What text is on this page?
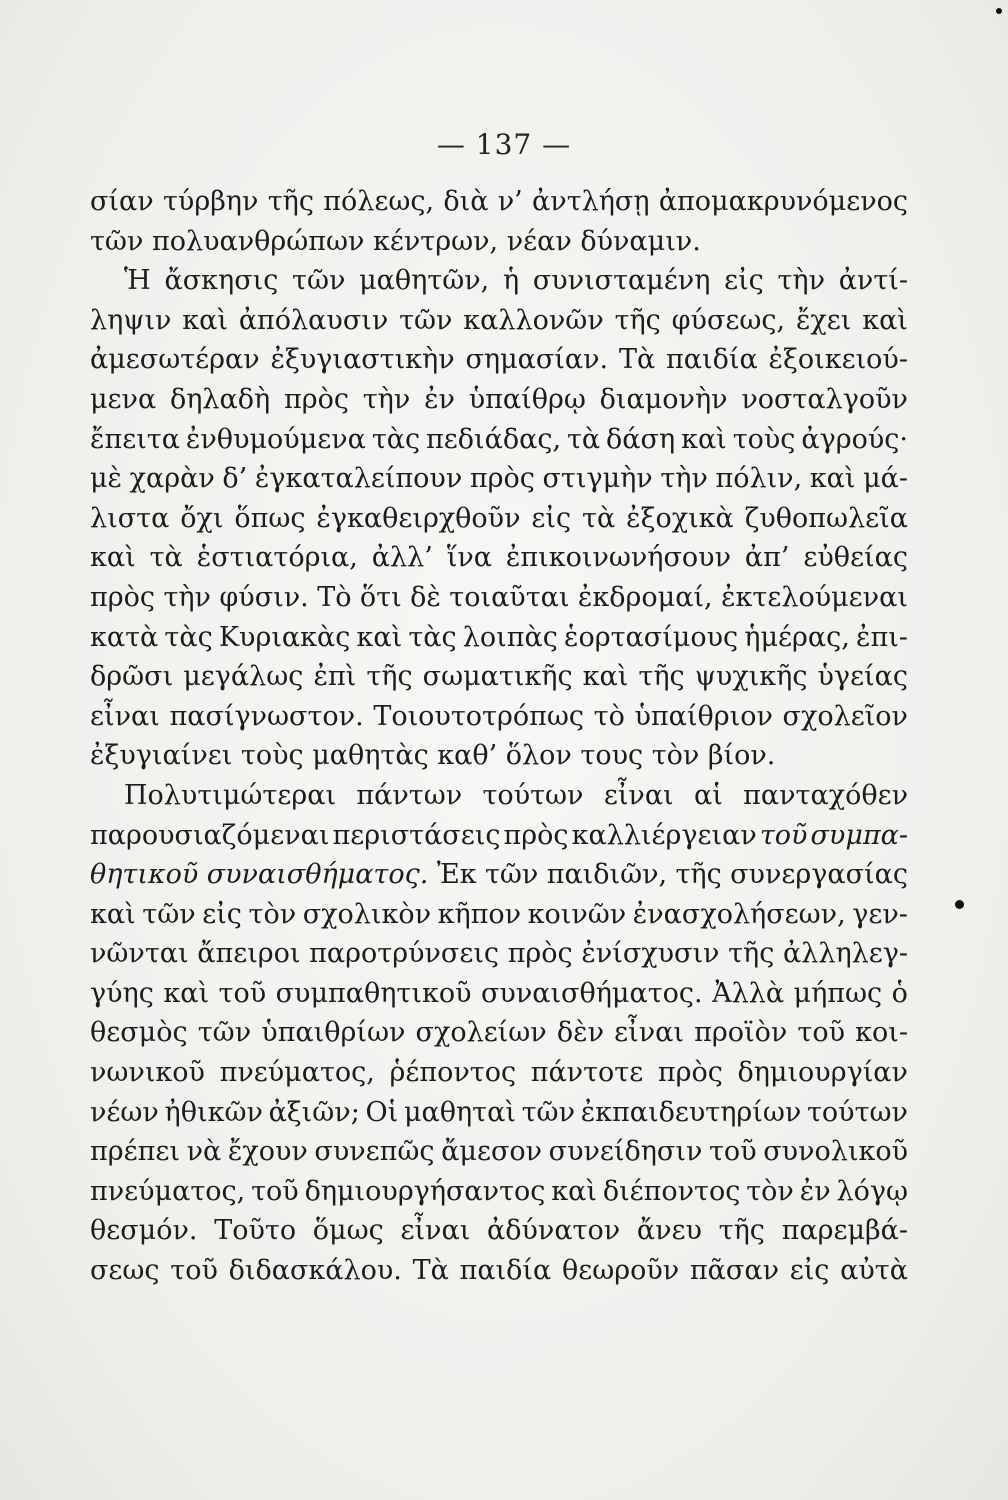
— 137 —
σίαν τύρβην τῆς πόλεως, διὰ ν’ ἀντλήσῃ ἀπομακρυνόμενος
τῶν πολυανθρώπων κέντρων, νέαν δύναμιν.
Ἡ ἄσκησις τῶν μαθητῶν, ἡ συνισταμένη εἰς τὴν ἀντί-
ληψιν καὶ ἀπόλαυσιν τῶν καλλονῶν τῆς φύσεως, ἔχει καὶ
ἀμεσωτέραν ἐξυγιαστικὴν σημασίαν. Τὰ παιδία ἐξοικειού-
μενα δηλαδὴ πρὸς τὴν ἐν ὑπαίθρῳ διαμονὴν νοσταλγοῦν
ἔπειτα ἐνθυμούμενα τὰς πεδιάδας, τὰ δάση καὶ τοὺς ἀγρούς·
μὲ χαρὰν δ’ ἐγκαταλείπουν πρὸς στιγμὴν τὴν πόλιν, καὶ μά-
λιστα ὄχι ὅπως ἐγκαθειρχθοῦν εἰς τὰ ἐξοχικὰ ζυθοπωλεῖα
καὶ τὰ ἑστιατόρια, ἀλλ’ ἵνα ἐπικοινωνήσουν ἀπ’ εὐθείας
πρὸς τὴν φύσιν. Τὸ ὅτι δὲ τοιαῦται ἐκδρομαί, ἐκτελούμεναι
κατὰ τὰς Κυριακὰς καὶ τὰς λοιπὰς ἑορτασίμους ἡμέρας, ἐπι-
δρῶσι μεγάλως ἐπὶ τῆς σωματικῆς καὶ τῆς ψυχικῆς ὑγείας
εἶναι πασίγνωστον. Τοιουτοτρόπως τὸ ὑπαίθριον σχολεῖον
ἐξυγιαίνει τοὺς μαθητὰς καθ’ ὅλον τους τὸν βίον.
Πολυτιμώτεραι πάντων τούτων εἶναι αἱ πανταχόθεν
παρουσιαζόμεναι περιστάσεις πρὸς καλλιέργειαν τοῦ συμπα-
θητικοῦ συναισθήματος. Ἐκ τῶν παιδιῶν, τῆς συνεργασίας
καὶ τῶν εἰς τὸν σχολικὸν κῆπον κοινῶν ἐνασχολήσεων, γεν-
νῶνται ἄπειροι παροτρύνσεις πρὸς ἐνίσχυσιν τῆς ἀλληλεγ-
γύης καὶ τοῦ συμπαθητικοῦ συναισθήματος. Ἀλλὰ μήπως ὁ
θεσμὸς τῶν ὑπαιθρίων σχολείων δὲν εἶναι προϊὸν τοῦ κοι-
νωνικοῦ πνεύματος, ῥέποντος πάντοτε πρὸς δημιουργίαν
νέων ἠθικῶν ἀξιῶν; Οἱ μαθηταὶ τῶν ἐκπαιδευτηρίων τούτων
πρέπει νὰ ἔχουν συνεπῶς ἄμεσον συνείδησιν τοῦ συνολικοῦ
πνεύματος, τοῦ δημιουργήσαντος καὶ διέποντος τὸν ἐν λόγῳ
θεσμόν. Τοῦτο ὅμως εἶναι ἀδύνατον ἄνευ τῆς παρεμβά-
σεως τοῦ διδασκάλου. Τὰ παιδία θεωροῦν πᾶσαν εἰς αὐτὰ
